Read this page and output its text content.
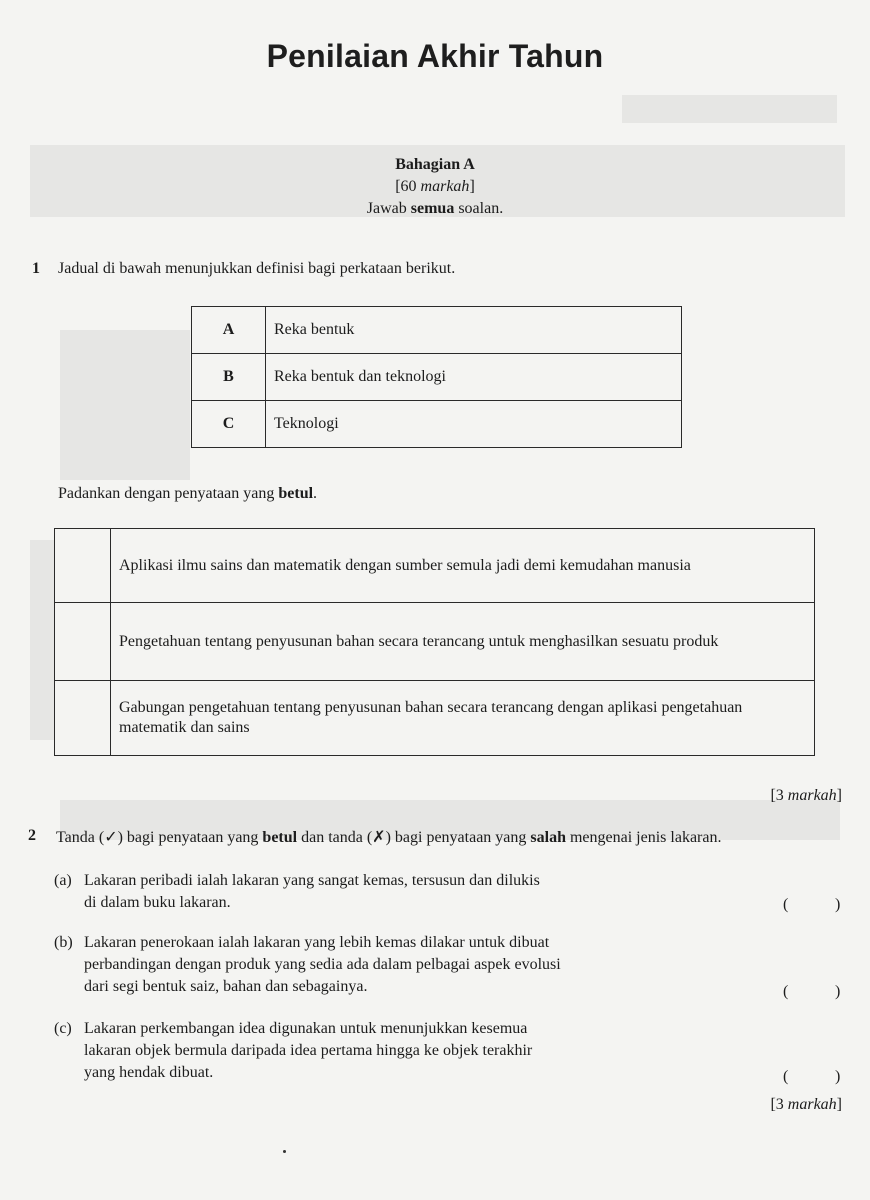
Penilaian Akhir Tahun
Bahagian A
[60 markah]
Jawab semua soalan.
1 Jadual di bawah menunjukkan definisi bagi perkataan berikut.
A	Reka bentuk
B	Reka bentuk dan teknologi
C	Teknologi
Padankan dengan penyataan yang betul.
	Aplikasi ilmu sains dan matematik dengan sumber semula jadi demi kemudahan manusia
	Pengetahuan tentang penyusunan bahan secara terancang untuk menghasilkan sesuatu produk
	Gabungan pengetahuan tentang penyusunan bahan secara terancang dengan aplikasi pengetahuan matematik dan sains
[3 markah]
2 Tanda (✓) bagi penyataan yang betul dan tanda (✗) bagi penyataan yang salah mengenai jenis lakaran.
(a) Lakaran peribadi ialah lakaran yang sangat kemas, tersusun dan dilukis
di dalam buku lakaran.	(	)
(b) Lakaran penerokaan ialah lakaran yang lebih kemas dilakar untuk dibuat
perbandingan dengan produk yang sedia ada dalam pelbagai aspek evolusi
dari segi bentuk saiz, bahan dan sebagainya.	(	)
(c) Lakaran perkembangan idea digunakan untuk menunjukkan kesemua
lakaran objek bermula daripada idea pertama hingga ke objek terakhir
yang hendak dibuat.	(	)
[3 markah]
